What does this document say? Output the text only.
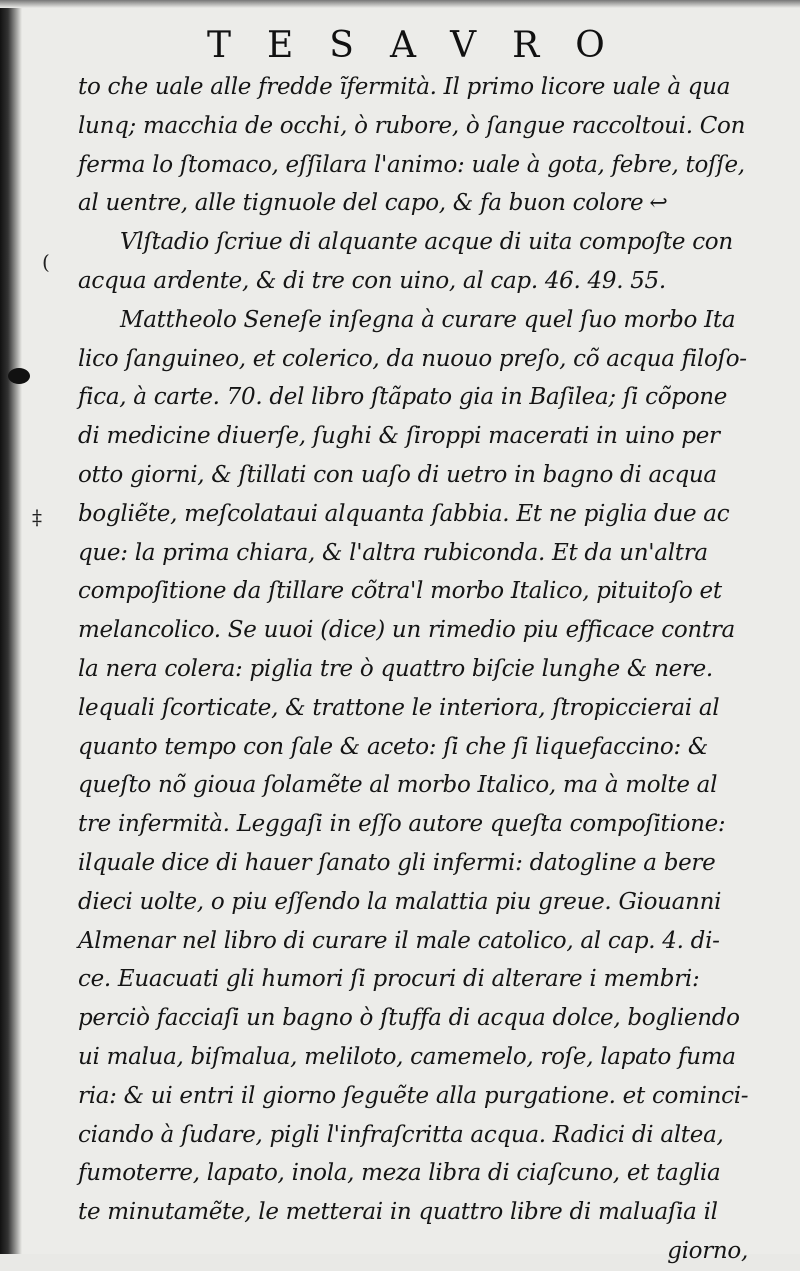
(
‡
TESAVRO
to che uale alle fredde ĩfermità. Il primo licore uale à qua
lunq; macchia de occhi, ò rubore, ò ſangue raccoltoui. Con
ferma lo ſtomaco, eſſilara l'animo: uale à gota, febre, toſſe,
al uentre, alle tignuole del capo, & fa buon colore ↩
Vlſtadio ſcriue di alquante acque di uita compoſte con
acqua ardente, & di tre con uino, al cap. 46. 49. 55.
Mattheolo Seneſe inſegna à curare quel ſuo morbo Ita
lico ſanguineo, et colerico, da nuouo preſo, cõ acqua filoſo-
fica, à carte. 70. del libro ſtãpato gia in Baſilea; ſi cõpone
di medicine diuerſe, ſughi & ſiroppi macerati in uino per
otto giorni, & ſtillati con uaſo di uetro in bagno di acqua
bogliẽte, meſcolataui alquanta ſabbia. Et ne piglia due ac
que: la prima chiara, & l'altra rubiconda. Et da un'altra
compoſitione da ſtillare cõtra'l morbo Italico, pituitoſo et
melancolico. Se uuoi (dice) un rimedio piu efficace contra
la nera colera: piglia tre ò quattro biſcie lunghe & nere.
lequali ſcorticate, & trattone le interiora, ſtropiccierai al
quanto tempo con ſale & aceto: ſi che ſi liquefaccino: &
queſto nõ gioua ſolamẽte al morbo Italico, ma à molte al
tre infermità. Leggaſi in eſſo autore queſta compoſitione:
ilquale dice di hauer ſanato gli infermi: datogline a bere
dieci uolte, o piu eſſendo la malattia piu greue. Giouanni
Almenar nel libro di curare il male catolico, al cap. 4. di-
ce. Euacuati gli humori ſi procuri di alterare i membri:
perciò facciaſi un bagno ò ſtuffa di acqua dolce, bogliendo
ui malua, biſmalua, meliloto, camemelo, roſe, lapato fuma
ria: & ui entri il giorno ſeguẽte alla purgatione. et cominci-
ciando à ſudare, pigli l'infraſcritta acqua. Radici di altea,
fumoterre, lapato, inola, meza libra di ciaſcuno, et taglia
te minutamẽte, le metterai in quattro libre di maluaſia il
giorno,
